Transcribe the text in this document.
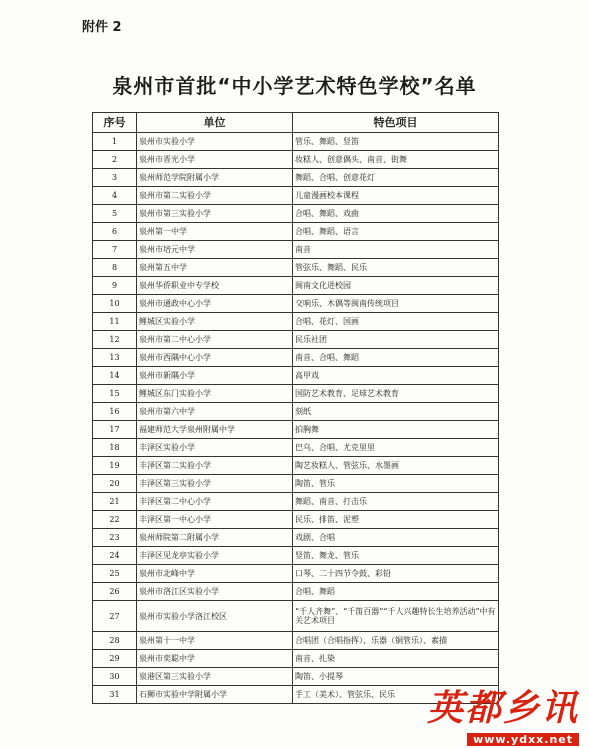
附件 2
泉州市首批“中小学艺术特色学校”名单
序号	单位	特色项目
1	泉州市实验小学	管乐、舞蹈、竖笛
2	泉州市晋光小学	妆糕人、创意偶头、南音、街舞
3	泉州师范学院附属小学	舞蹈、合唱、创意花灯
4	泉州市第二实验小学	儿童漫画校本课程
5	泉州市第三实验小学	合唱、舞蹈、戏曲
6	泉州第一中学	合唱、舞蹈、语言
7	泉州市培元中学	南音
8	泉州第五中学	管弦乐、舞蹈、民乐
9	泉州华侨职业中专学校	闽南文化进校园
10	泉州市通政中心小学	交响乐、木偶等闽南传统项目
11	鲤城区实验小学	合唱、花灯、国画
12	泉州市第二中心小学	民乐社团
13	泉州市西隅中心小学	南音、合唱、舞蹈
14	泉州市新隅小学	高甲戏
15	鲤城区东门实验小学	国防艺术教育、足球艺术教育
16	泉州市第六中学	刻纸
17	福建师范大学泉州附属中学	拍胸舞
18	丰泽区实验小学	巴乌、合唱、尤克里里
19	丰泽区第二实验小学	陶艺妆糕人、管弦乐、水墨画
20	丰泽区第三实验小学	陶笛、管乐
21	丰泽区第二中心小学	舞蹈、南音、打击乐
22	丰泽区第一中心小学	民乐、排笛、泥塑
23	泉州师院第二附属小学	戏剧、合唱
24	丰泽区见龙亭实验小学	竖笛、舞龙、管乐
25	泉州市北峰中学	口琴、二十四节令鼓、彩铅
26	泉州市洛江区实验小学	合唱、舞蹈
27	泉州市实验小学洛江校区	“千人齐舞”、“千笛百器”“千人兴趣特长生培养活动”中有关艺术项目
28	泉州第十一中学	合唱团（合唱指挥）、乐器（铜管乐）、素描
29	泉州市奕聪中学	南音、扎染
30	泉港区第三实验小学	陶笛、小提琴
31	石狮市实验中学附属小学	手工（美术）、管弦乐、民乐 英都乡讯
www.ydxx.net
